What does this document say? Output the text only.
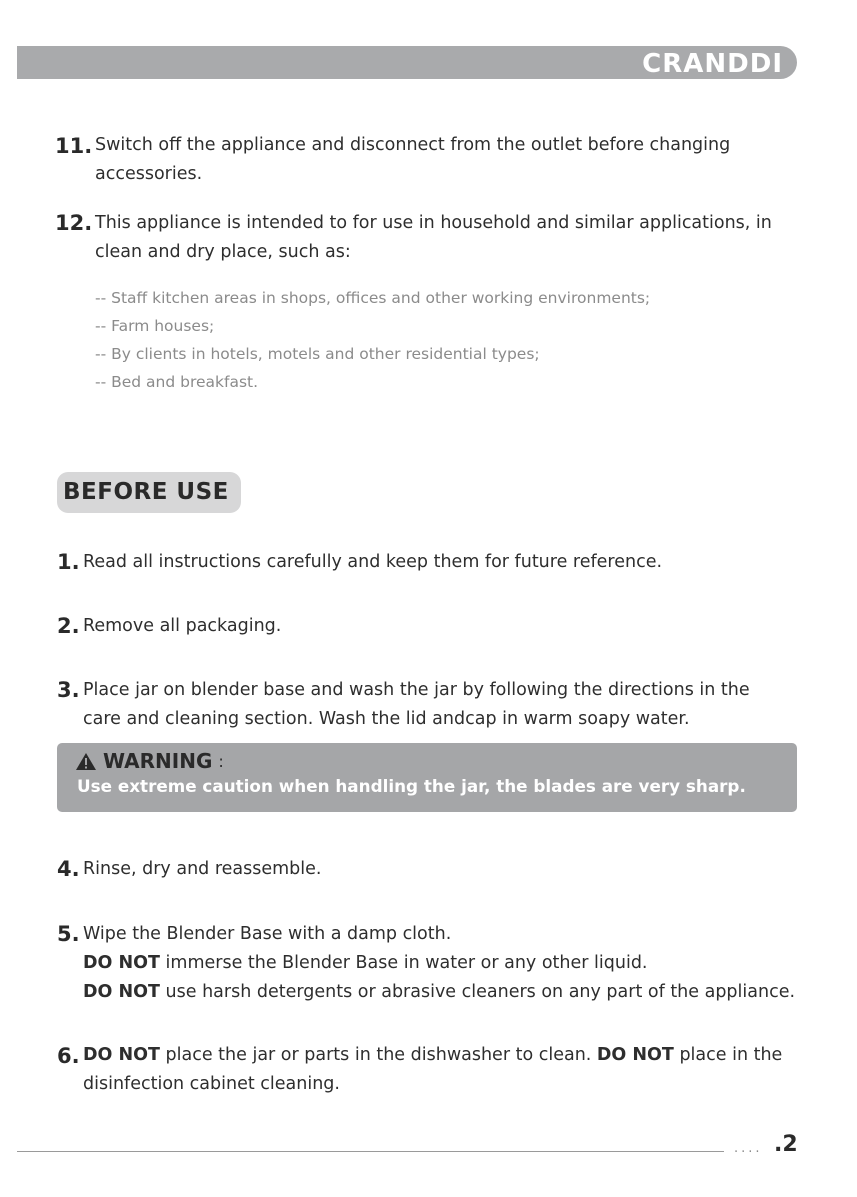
CRANDDI
11. Switch off the appliance and disconnect from the outlet before changing
accessories.
12. This appliance is intended to for use in household and similar applications, in
clean and dry place, such as:
-- Staff kitchen areas in shops, offices and other working environments;
-- Farm houses;
-- By clients in hotels, motels and other residential types;
-- Bed and breakfast.
BEFORE USE
1. Read all instructions carefully and keep them for future reference.
2. Remove all packaging.
3. Place jar on blender base and wash the jar by following the directions in the
care and cleaning section. Wash the lid andcap in warm soapy water.
WARNING :
Use extreme caution when handling the jar, the blades are very sharp.
4. Rinse, dry and reassemble.
5. Wipe the Blender Base with a damp cloth.
DO NOT immerse the Blender Base in water or any other liquid.
DO NOT use harsh detergents or abrasive cleaners on any part of the appliance.
6. DO NOT place the jar or parts in the dishwasher to clean. DO NOT place in the
disinfection cabinet cleaning.
.... .2
